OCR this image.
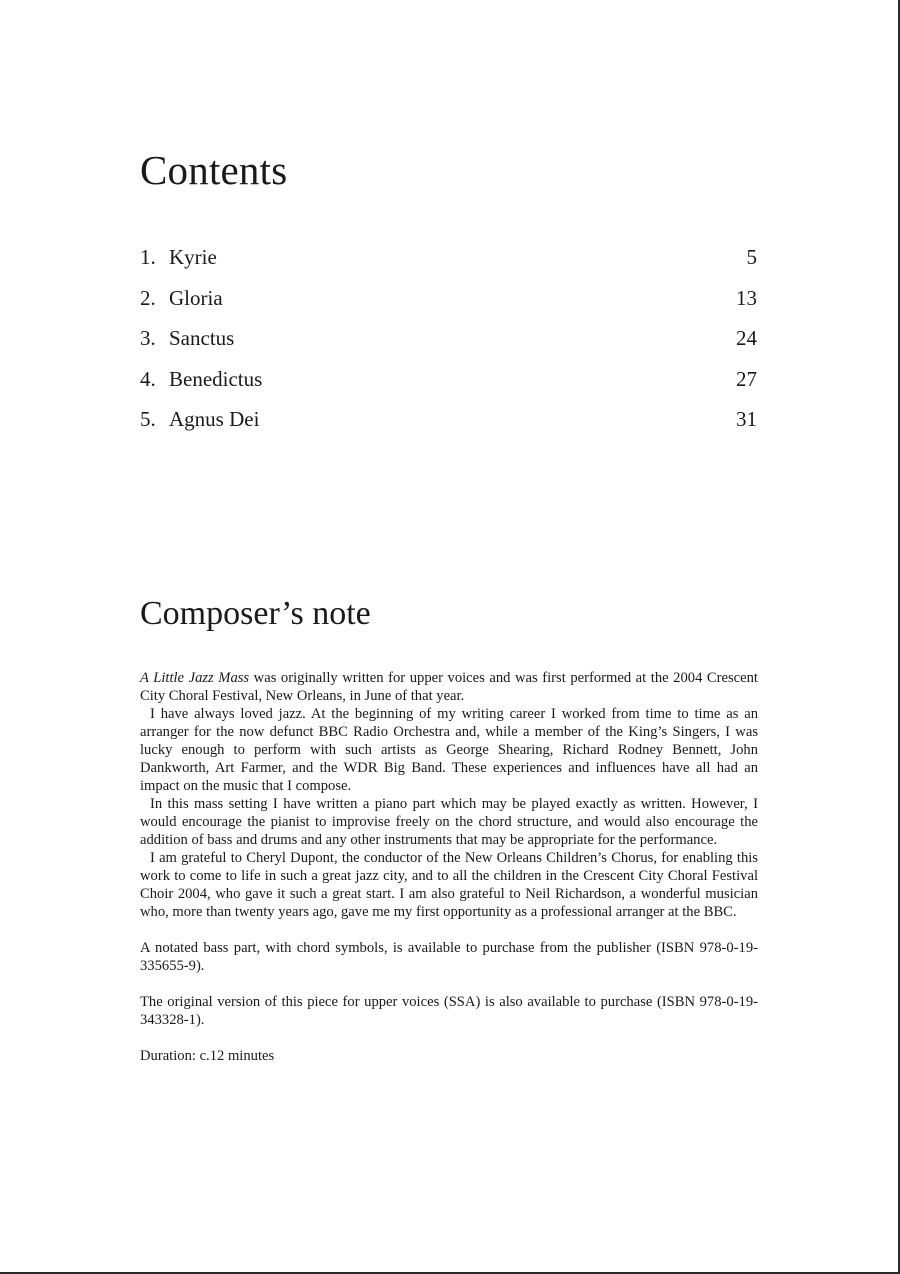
Contents
1. Kyrie	5
2. Gloria	13
3. Sanctus	24
4. Benedictus	27
5. Agnus Dei	31
Composer’s note

A Little Jazz Mass was originally written for upper voices and was first performed at the 2004 Crescent City Choral Festival, New Orleans, in June of that year.

I have always loved jazz. At the beginning of my writing career I worked from time to time as an arranger for the now defunct BBC Radio Orchestra and, while a member of the King’s Singers, I was lucky enough to perform with such artists as George Shearing, Richard Rodney Bennett, John Dankworth, Art Farmer, and the WDR Big Band. These experiences and influences have all had an impact on the music that I compose.

In this mass setting I have written a piano part which may be played exactly as written. However, I would encourage the pianist to improvise freely on the chord structure, and would also encourage the addition of bass and drums and any other instruments that may be appropriate for the performance.

I am grateful to Cheryl Dupont, the conductor of the New Orleans Children’s Chorus, for enabling this work to come to life in such a great jazz city, and to all the children in the Crescent City Choral Festival Choir 2004, who gave it such a great start. I am also grateful to Neil Richardson, a wonderful musician who, more than twenty years ago, gave me my first opportunity as a professional arranger at the BBC.

A notated bass part, with chord symbols, is available to purchase from the publisher (ISBN 978-0-19-335655-9).

The original version of this piece for upper voices (SSA) is also available to purchase (ISBN 978-0-19-343328-1).

Duration: c.12 minutes
